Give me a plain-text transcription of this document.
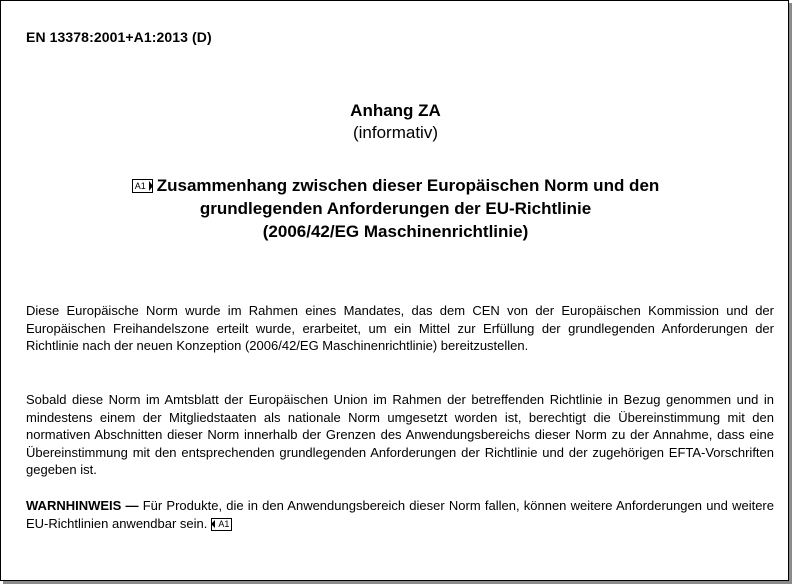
EN 13378:2001+A1:2013 (D)
Anhang ZA
(informativ)
A1 Zusammenhang zwischen dieser Europäischen Norm und den
grundlegenden Anforderungen der EU-Richtlinie
(2006/42/EG Maschinenrichtlinie)
Diese Europäische Norm wurde im Rahmen eines Mandates, das dem CEN von der Europäischen Kommission und der Europäischen Freihandelszone erteilt wurde, erarbeitet, um ein Mittel zur Erfüllung der grundlegenden Anforderungen der Richtlinie nach der neuen Konzeption (2006/42/EG Maschinenrichtlinie) bereitzustellen.
Sobald diese Norm im Amtsblatt der Europäischen Union im Rahmen der betreffenden Richtlinie in Bezug genommen und in mindestens einem der Mitgliedstaaten als nationale Norm umgesetzt worden ist, berechtigt die Übereinstimmung mit den normativen Abschnitten dieser Norm innerhalb der Grenzen des Anwendungsbereichs dieser Norm zu der Annahme, dass eine Übereinstimmung mit den entsprechenden grundlegenden Anforderungen der Richtlinie und der zugehörigen EFTA-Vorschriften gegeben ist.
WARNHINWEIS — Für Produkte, die in den Anwendungsbereich dieser Norm fallen, können weitere Anforderungen und weitere EU-Richtlinien anwendbar sein. A1
